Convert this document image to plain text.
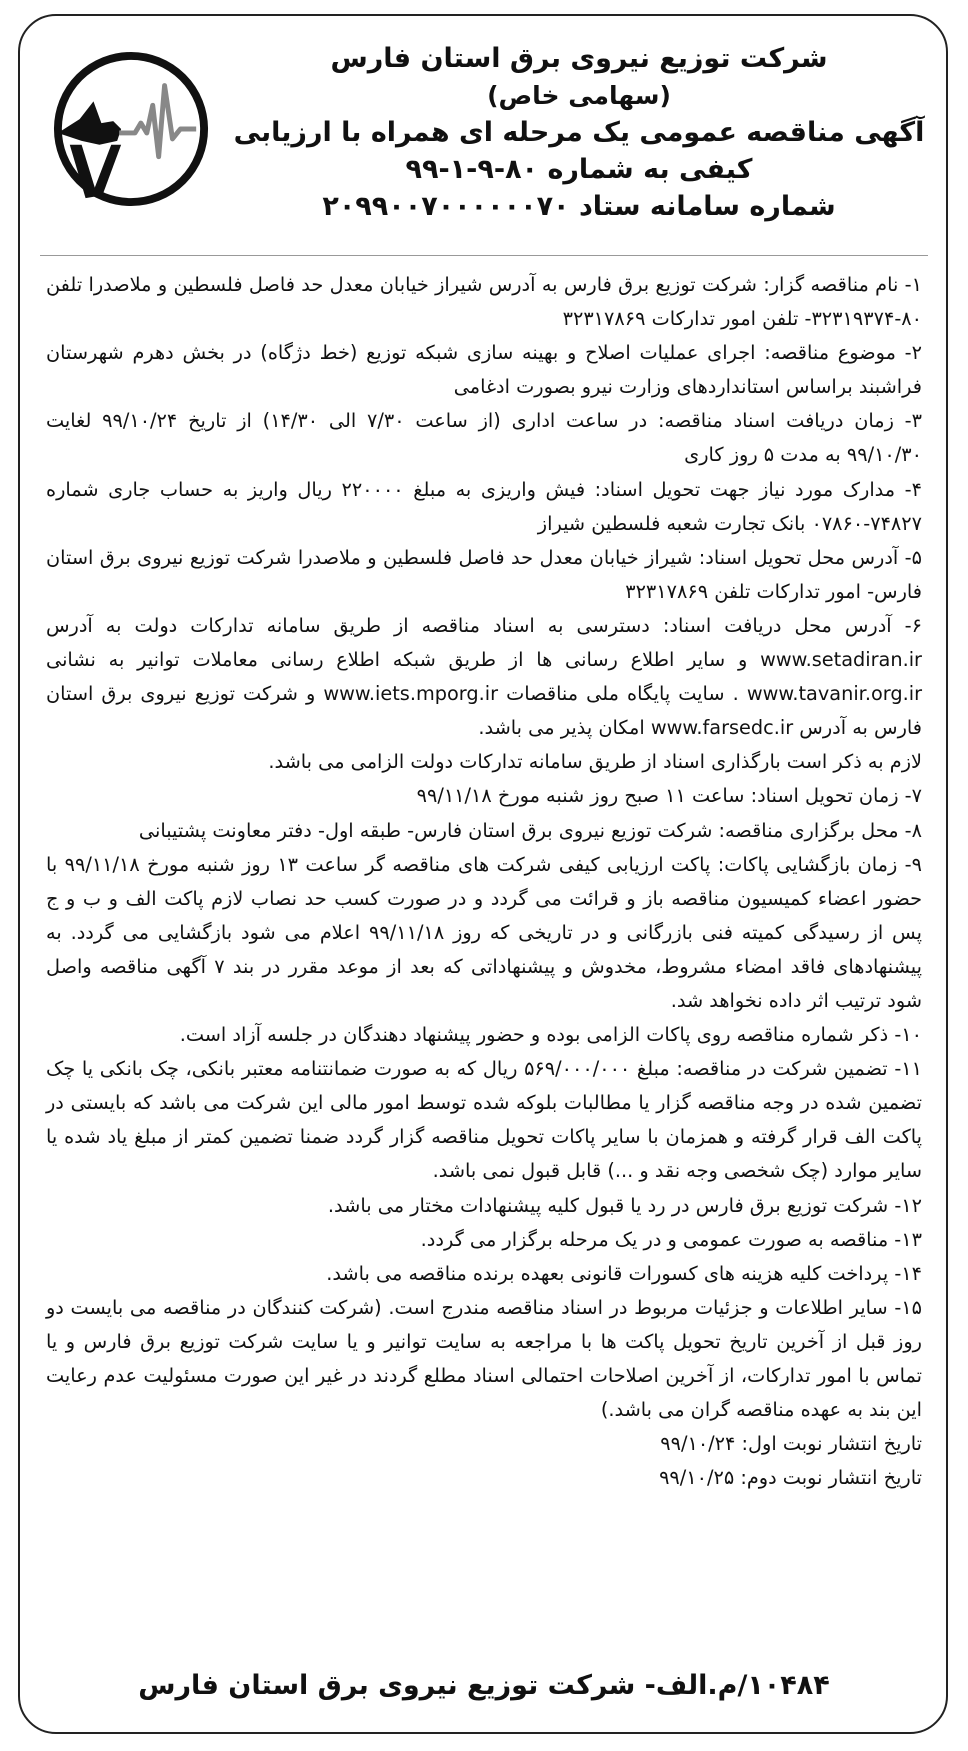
شرکت توزیع نیروی برق استان فارس
(سهامی خاص)
آگهی مناقصه عمومی یک مرحله ای همراه با ارزیابی
کیفی به شماره ۸۰-۹-۱-۹۹
شماره سامانه ستاد ۲۰۹۹۰۰۷۰۰۰۰۰۰۷۰

۱- نام مناقصه گزار: شرکت توزیع برق فارس به آدرس شیراز خیابان معدل حد فاصل فلسطین و ملاصدرا تلفن ۸۰-۳۲۳۱۹۳۷۴- تلفن امور تدارکات ۳۲۳۱۷۸۶۹

۲- موضوع مناقصه: اجرای عملیات اصلاح و بهینه سازی شبکه توزیع (خط دژگاه) در بخش دهرم شهرستان فراشبند براساس استانداردهای وزارت نیرو بصورت ادغامی

۳- زمان دریافت اسناد مناقصه: در ساعت اداری (از ساعت ۷/۳۰ الی ۱۴/۳۰) از تاریخ ۹۹/۱۰/۲۴ لغایت ۹۹/۱۰/۳۰ به مدت ۵ روز کاری

۴- مدارک مورد نیاز جهت تحویل اسناد: فیش واریزی به مبلغ ۲۲۰۰۰۰ ریال واریز به حساب جاری شماره ۷۴۸۲۷-۰۷۸۶۰ بانک تجارت شعبه فلسطین شیراز

۵- آدرس محل تحویل اسناد: شیراز خیابان معدل حد فاصل فلسطین و ملاصدرا شرکت توزیع نیروی برق استان فارس- امور تدارکات تلفن ۳۲۳۱۷۸۶۹

۶- آدرس محل دریافت اسناد: دسترسی به اسناد مناقصه از طریق سامانه تدارکات دولت به آدرس www.setadiran.ir و سایر اطلاع رسانی ها از طریق شبکه اطلاع رسانی معاملات توانیر به نشانی www.tavanir.org.ir . سایت پایگاه ملی مناقصات www.iets.mporg.ir و شرکت توزیع نیروی برق استان فارس به آدرس www.farsedc.ir امکان پذیر می باشد.

لازم به ذکر است بارگذاری اسناد از طریق سامانه تدارکات دولت الزامی می باشد.

۷- زمان تحویل اسناد: ساعت ۱۱ صبح روز شنبه مورخ ۹۹/۱۱/۱۸

۸- محل برگزاری مناقصه: شرکت توزیع نیروی برق استان فارس- طبقه اول- دفتر معاونت پشتیبانی

۹- زمان بازگشایی پاکات: پاکت ارزیابی کیفی شرکت های مناقصه گر ساعت ۱۳ روز شنبه مورخ ۹۹/۱۱/۱۸ با حضور اعضاء کمیسیون مناقصه باز و قرائت می گردد و در صورت کسب حد نصاب لازم پاکت الف و ب و ج پس از رسیدگی کمیته فنی بازرگانی و در تاریخی که روز ۹۹/۱۱/۱۸ اعلام می شود بازگشایی می گردد. به پیشنهادهای فاقد امضاء مشروط، مخدوش و پیشنهاداتی که بعد از موعد مقرر در بند ۷ آگهی مناقصه واصل شود ترتیب اثر داده نخواهد شد.

۱۰- ذکر شماره مناقصه روی پاکات الزامی بوده و حضور پیشنهاد دهندگان در جلسه آزاد است.

۱۱- تضمین شرکت در مناقصه: مبلغ ۵۶۹/۰۰۰/۰۰۰ ریال که به صورت ضمانتنامه معتبر بانکی، چک بانکی یا چک تضمین شده در وجه مناقصه گزار یا مطالبات بلوکه شده توسط امور مالی این شرکت می باشد که بایستی در پاکت الف قرار گرفته و همزمان با سایر پاکات تحویل مناقصه گزار گردد ضمنا تضمین کمتر از مبلغ یاد شده یا سایر موارد (چک شخصی وجه نقد و ...) قابل قبول نمی باشد.

۱۲- شرکت توزیع برق فارس در رد یا قبول کلیه پیشنهادات مختار می باشد.

۱۳- مناقصه به صورت عمومی و در یک مرحله برگزار می گردد.

۱۴- پرداخت کلیه هزینه های کسورات قانونی بعهده برنده مناقصه می باشد.

۱۵- سایر اطلاعات و جزئیات مربوط در اسناد مناقصه مندرج است. (شرکت کنندگان در مناقصه می بایست دو روز قبل از آخرین تاریخ تحویل پاکت ها با مراجعه به سایت توانیر و یا سایت شرکت توزیع برق فارس و یا تماس با امور تدارکات، از آخرین اصلاحات احتمالی اسناد مطلع گردند در غیر این صورت مسئولیت عدم رعایت این بند به عهده مناقصه گران می باشد.)

تاریخ انتشار نوبت اول: ۹۹/۱۰/۲۴

تاریخ انتشار نوبت دوم: ۹۹/۱۰/۲۵

۱۰۴۸۴/م.الف- شرکت توزیع نیروی برق استان فارس
